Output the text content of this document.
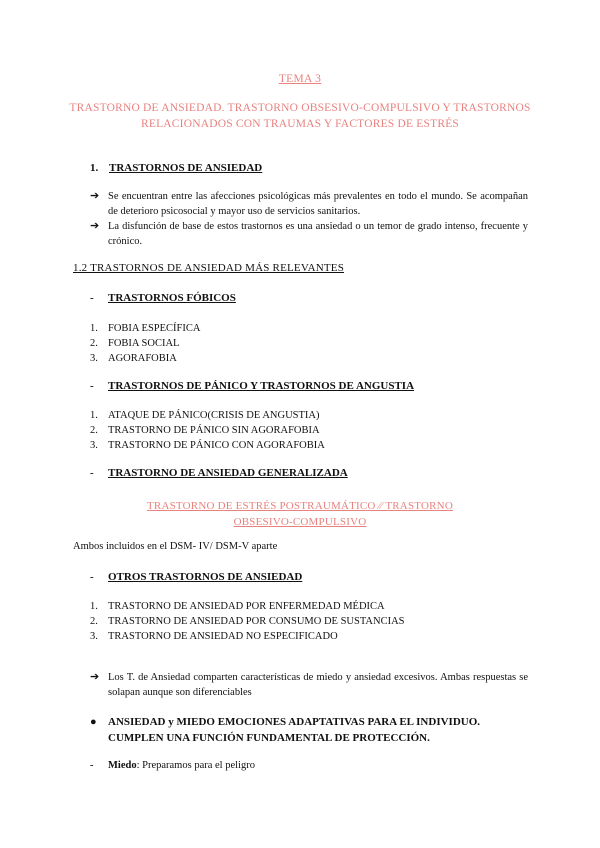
TEMA 3
TRASTORNO DE ANSIEDAD. TRASTORNO OBSESIVO-COMPULSIVO Y TRASTORNOS
RELACIONADOS CON TRAUMAS Y FACTORES DE ESTRÉS
1. TRASTORNOS DE ANSIEDAD
➔ Se encuentran entre las afecciones psicológicas más prevalentes en todo el mundo. Se acompañan de deterioro psicosocial y mayor uso de servicios sanitarios.
➔ La disfunción de base de estos trastornos es una ansiedad o un temor de grado intenso, frecuente y crónico.
1.2 TRASTORNOS DE ANSIEDAD MÁS RELEVANTES
- TRASTORNOS FÓBICOS
1. FOBIA ESPECÍFICA
2. FOBIA SOCIAL
3. AGORAFOBIA
- TRASTORNOS DE PÁNICO Y TRASTORNOS DE ANGUSTIA
1. ATAQUE DE PÁNICO(CRISIS DE ANGUSTIA)
2. TRASTORNO DE PÁNICO SIN AGORAFOBIA
3. TRASTORNO DE PÁNICO CON AGORAFOBIA
- TRASTORNO DE ANSIEDAD GENERALIZADA
TRASTORNO DE ESTRÉS POSTRAUMÁTICO ⁄⁄ TRASTORNO
OBSESIVO-COMPULSIVO
Ambos incluidos en el DSM- IV/ DSM-V aparte
- OTROS TRASTORNOS DE ANSIEDAD
1. TRASTORNO DE ANSIEDAD POR ENFERMEDAD MÉDICA
2. TRASTORNO DE ANSIEDAD POR CONSUMO DE SUSTANCIAS
3. TRASTORNO DE ANSIEDAD NO ESPECIFICADO
➔ Los T. de Ansiedad comparten características de miedo y ansiedad excesivos. Ambas respuestas se solapan aunque son diferenciables
● ANSIEDAD y MIEDO EMOCIONES ADAPTATIVAS PARA EL INDIVIDUO.
CUMPLEN UNA FUNCIÓN FUNDAMENTAL DE PROTECCIÓN.
- Miedo: Preparamos para el peligro
